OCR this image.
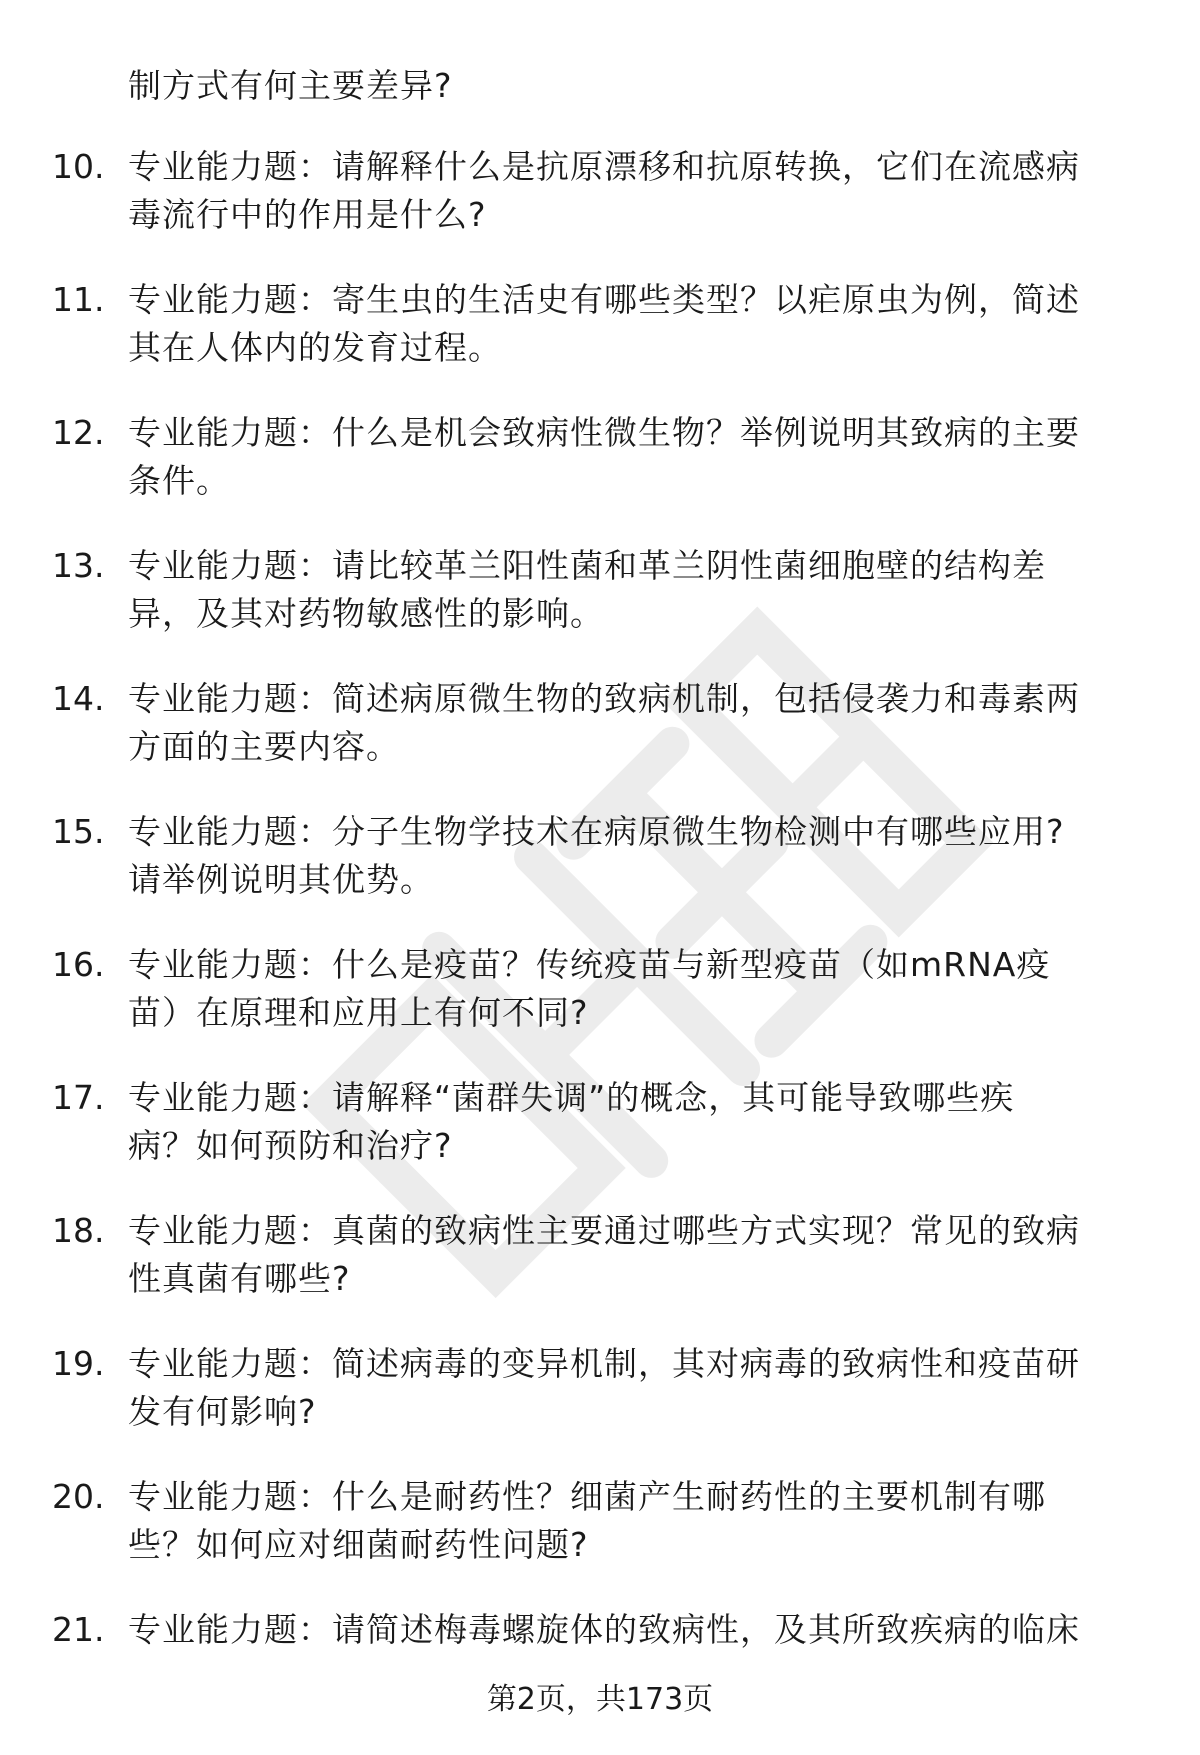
制方式有何主要差异?
10. 专业能力题：请解释什么是抗原漂移和抗原转换，它们在流感病
毒流行中的作用是什么?
11. 专业能力题：寄生虫的生活史有哪些类型？以疟原虫为例，简述
其在人体内的发育过程。
12. 专业能力题：什么是机会致病性微生物？举例说明其致病的主要
条件。
13. 专业能力题：请比较革兰阳性菌和革兰阴性菌细胞壁的结构差
异，及其对药物敏感性的影响。
14. 专业能力题：简述病原微生物的致病机制，包括侵袭力和毒素两
方面的主要内容。
15. 专业能力题：分子生物学技术在病原微生物检测中有哪些应用?
请举例说明其优势。
16. 专业能力题：什么是疫苗？传统疫苗与新型疫苗（如mRNA疫
苗）在原理和应用上有何不同?
17. 专业能力题：请解释“菌群失调”的概念，其可能导致哪些疾
病？如何预防和治疗?
18. 专业能力题：真菌的致病性主要通过哪些方式实现？常见的致病
性真菌有哪些?
19. 专业能力题：简述病毒的变异机制，其对病毒的致病性和疫苗研
发有何影响?
20. 专业能力题：什么是耐药性？细菌产生耐药性的主要机制有哪
些？如何应对细菌耐药性问题?
21. 专业能力题：请简述梅毒螺旋体的致病性，及其所致疾病的临床
第2页，共173页
